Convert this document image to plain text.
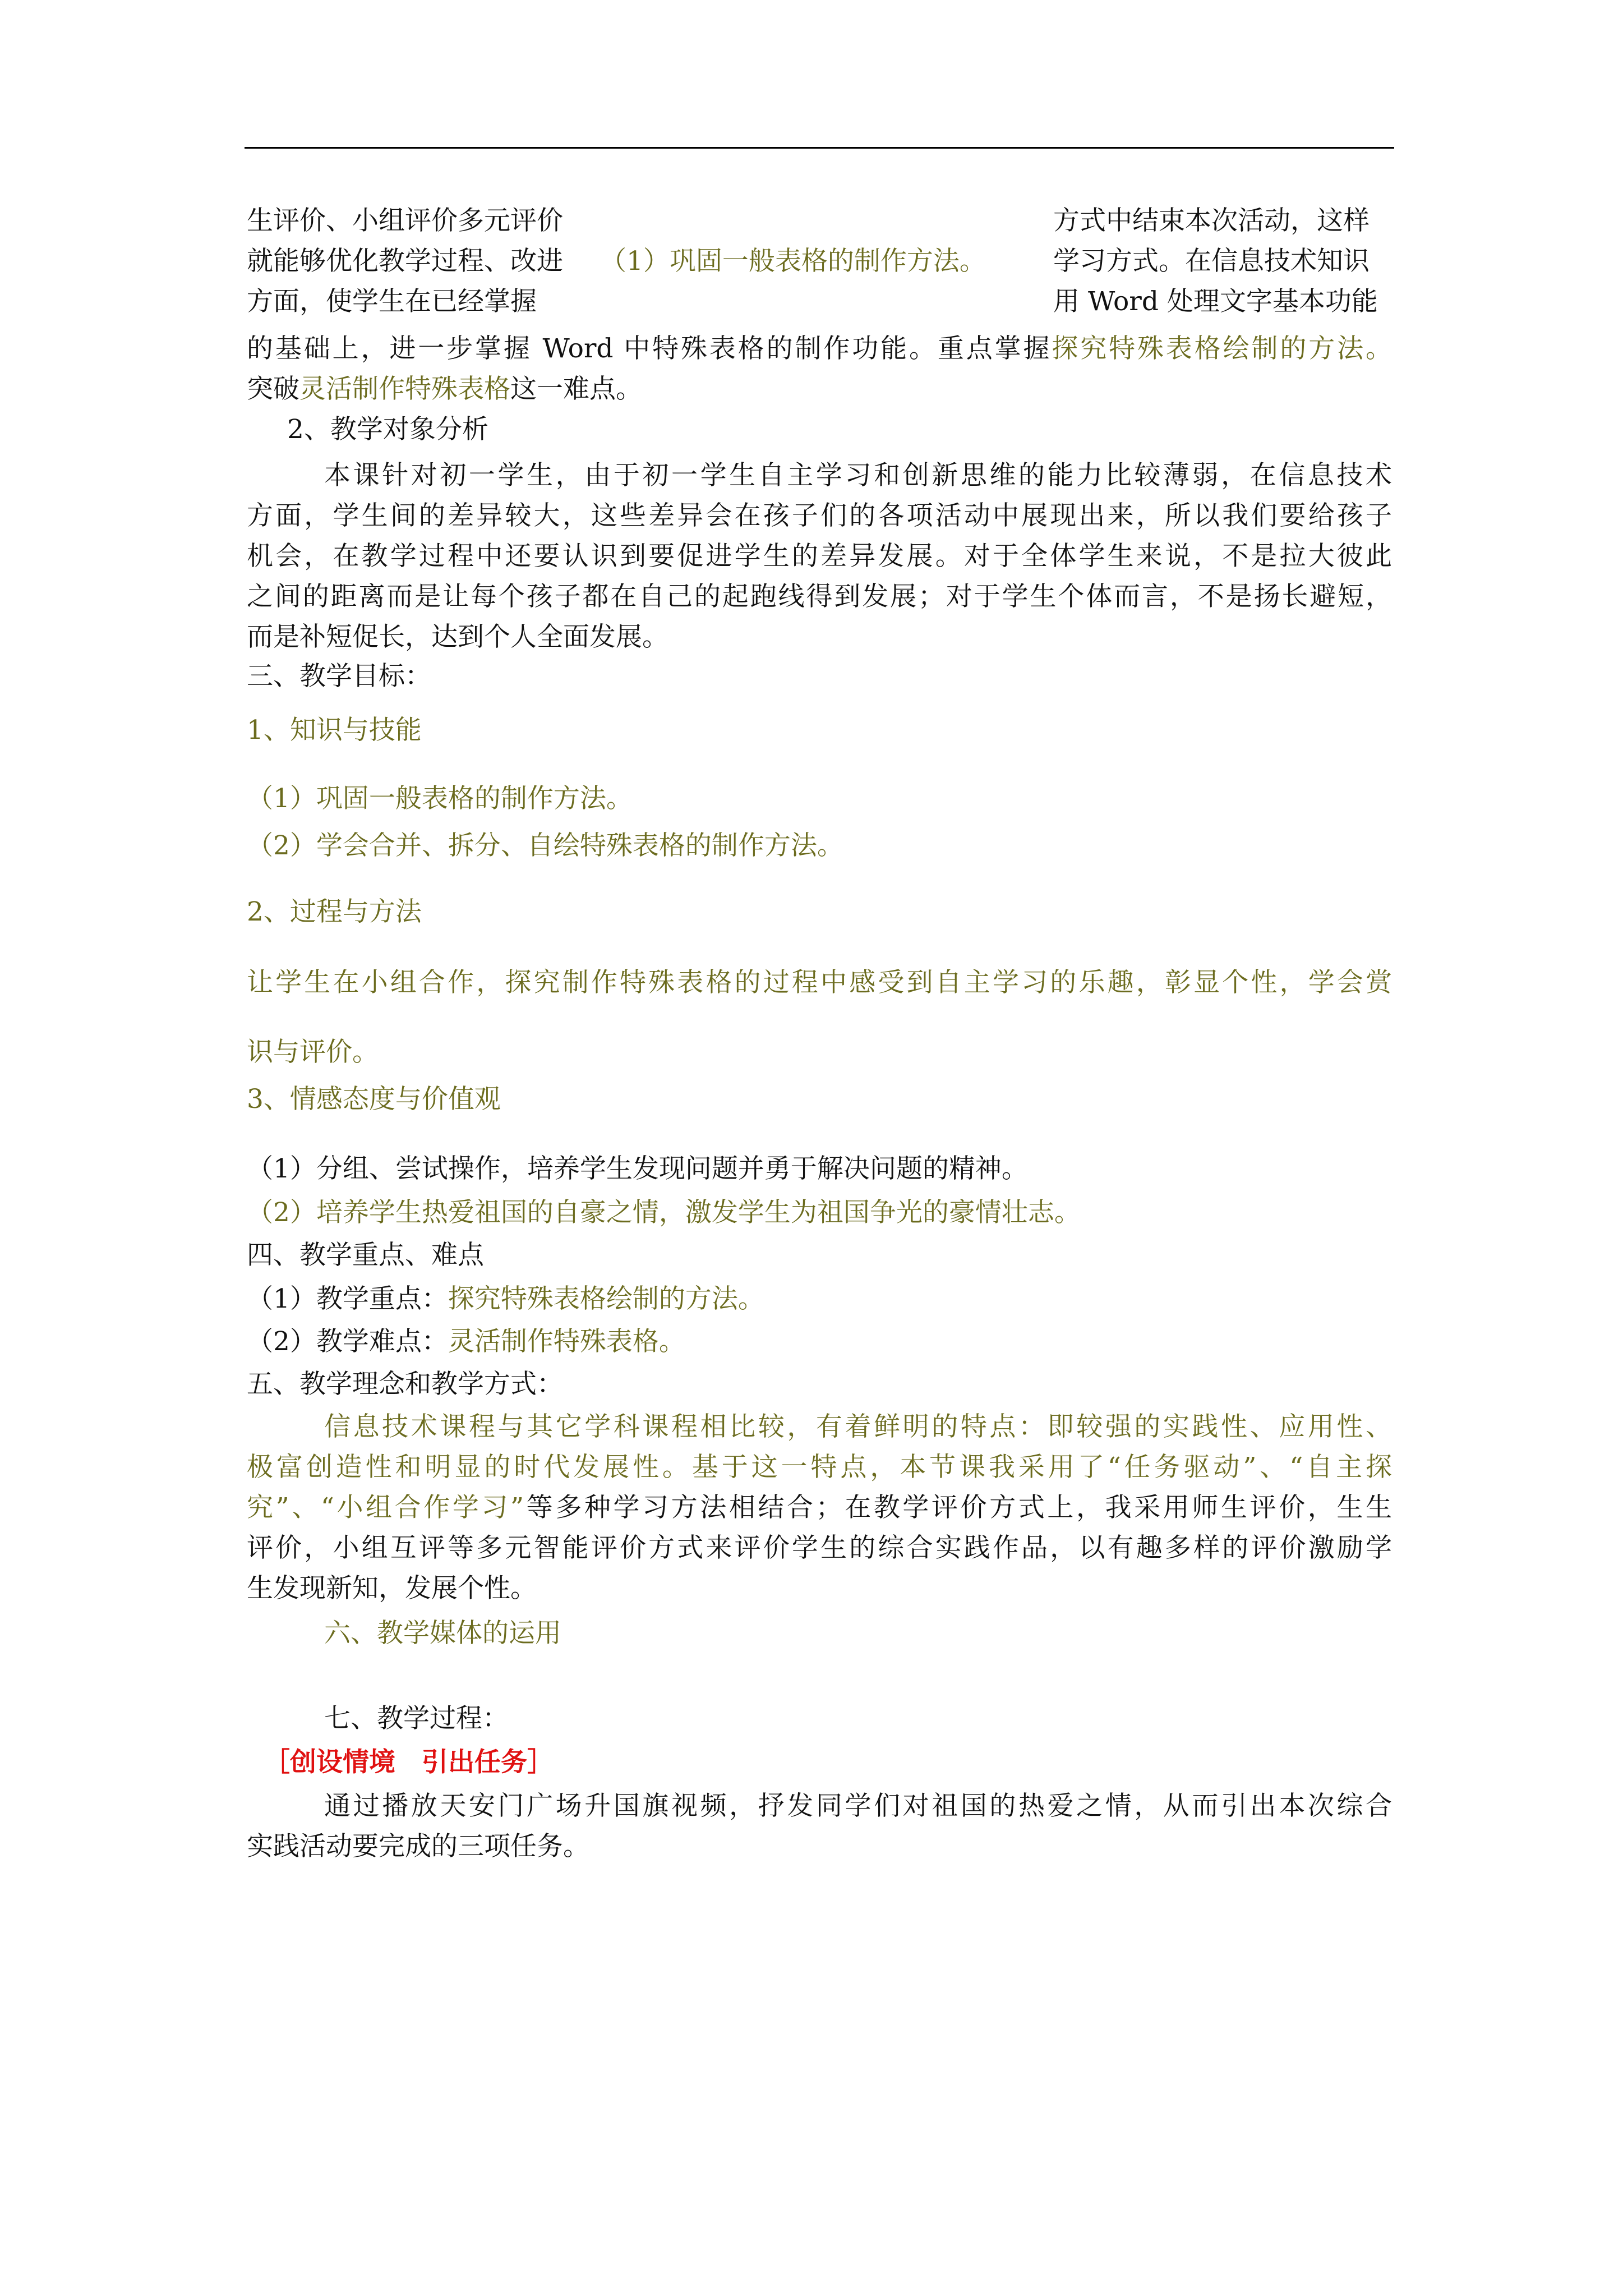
生评价、小组评价多元评价
就能够优化教学过程、改进
方面，使学生在已经掌握
（1）巩固一般表格的制作方法。
方式中结束本次活动，这样
学习方式。在信息技术知识
用 Word 处理文字基本功能
的基础上，进一步掌握 Word 中特殊表格的制作功能。重点掌握探究特殊表格绘制的方法。
突破灵活制作特殊表格这一难点。
2、教学对象分析
本课针对初一学生，由于初一学生自主学习和创新思维的能力比较薄弱，在信息技术
方面，学生间的差异较大，这些差异会在孩子们的各项活动中展现出来，所以我们要给孩子
机会，在教学过程中还要认识到要促进学生的差异发展。对于全体学生来说，不是拉大彼此
之间的距离而是让每个孩子都在自己的起跑线得到发展；对于学生个体而言，不是扬长避短，
而是补短促长，达到个人全面发展。
三、教学目标：
1、知识与技能
（1）巩固一般表格的制作方法。
（2）学会合并、拆分、自绘特殊表格的制作方法。
2、过程与方法
让学生在小组合作，探究制作特殊表格的过程中感受到自主学习的乐趣，彰显个性，学会赏
识与评价。
3、情感态度与价值观
（1）分组、尝试操作，培养学生发现问题并勇于解决问题的精神。
（2）培养学生热爱祖国的自豪之情，激发学生为祖国争光的豪情壮志。
四、教学重点、难点
（1）教学重点：探究特殊表格绘制的方法。
（2）教学难点：灵活制作特殊表格。
五、教学理念和教学方式：
信息技术课程与其它学科课程相比较，有着鲜明的特点：即较强的实践性、应用性、
极富创造性和明显的时代发展性。基于这一特点，本节课我采用了“任务驱动”、“自主探
究”、“小组合作学习”等多种学习方法相结合；在教学评价方式上，我采用师生评价，生生
评价，小组互评等多元智能评价方式来评价学生的综合实践作品，以有趣多样的评价激励学
生发现新知，发展个性。
六、教学媒体的运用
七、教学过程：
［创设情境　引出任务］
通过播放天安门广场升国旗视频，抒发同学们对祖国的热爱之情，从而引出本次综合
实践活动要完成的三项任务。
